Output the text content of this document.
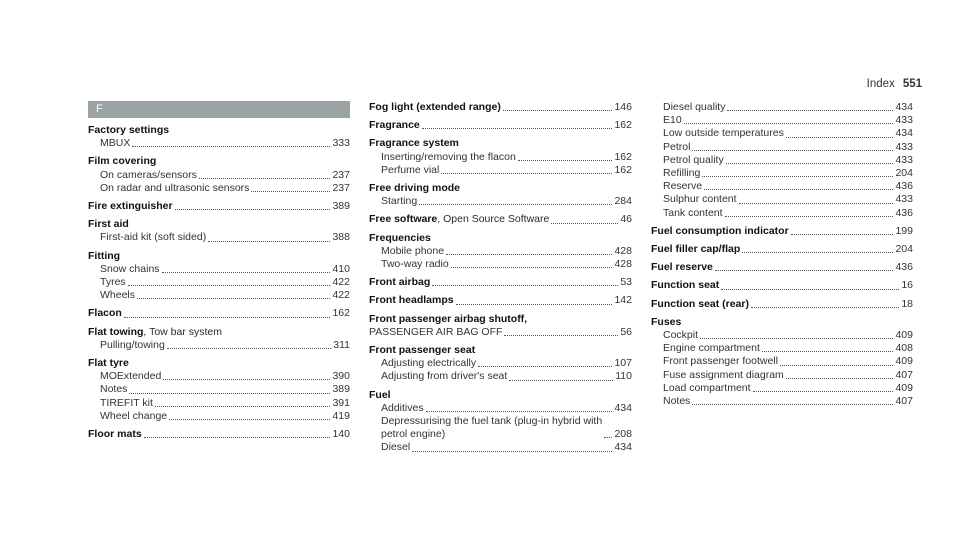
Index 551
F
Factory settings
MBUX	333
Film covering
On cameras/sensors	237
On radar and ultrasonic sensors	237
Fire extinguisher	389
First aid
First-aid kit (soft sided)	388
Fitting
Snow chains	410
Tyres	422
Wheels	422
Flacon	162
Flat towing, Tow bar system
Pulling/towing	311
Flat tyre
MOExtended	390
Notes	389
TIREFIT kit	391
Wheel change	419
Floor mats	140
Fog light (extended range)	146
Fragrance	162
Fragrance system
Inserting/removing the flacon	162
Perfume vial	162
Free driving mode
Starting	284
Free software, Open Source Software	46
Frequencies
Mobile phone	428
Two-way radio	428
Front airbag	53
Front headlamps	142
Front passenger airbag shutoff,
PASSENGER AIR BAG OFF	56
Front passenger seat
Adjusting electrically	107
Adjusting from driver's seat	110
Fuel
Additives	434
Depressurising the fuel tank (plug-in hybrid with petrol engine)	208
Diesel	434
Diesel quality	434
E10	433
Low outside temperatures	434
Petrol	433
Petrol quality	433
Refilling	204
Reserve	436
Sulphur content	433
Tank content	436
Fuel consumption indicator	199
Fuel filler cap/flap	204
Fuel reserve	436
Function seat	16
Function seat (rear)	18
Fuses
Cockpit	409
Engine compartment	408
Front passenger footwell	409
Fuse assignment diagram	407
Load compartment	409
Notes	407
